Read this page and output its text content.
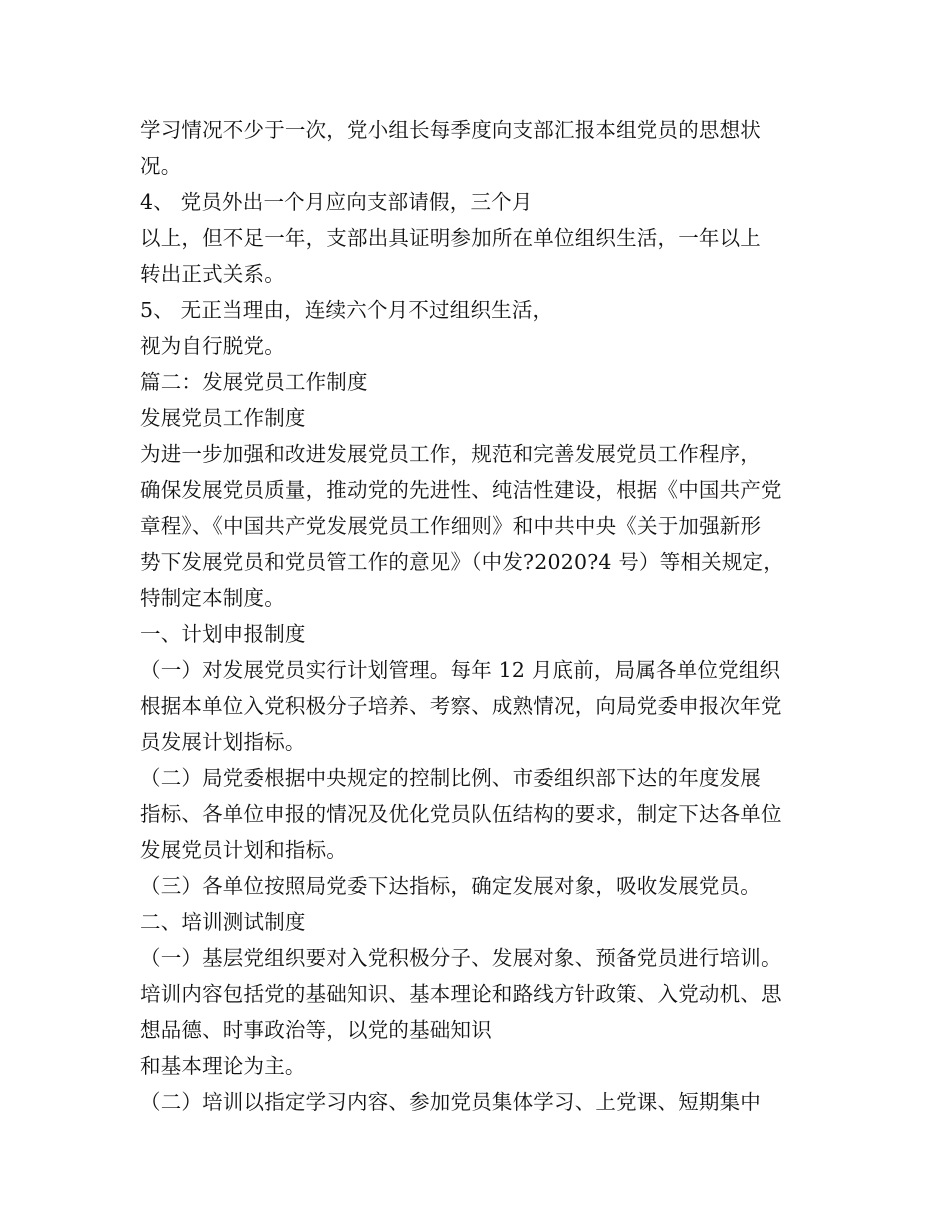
学习情况不少于一次，党小组长每季度向支部汇报本组党员的思想状
况。
4、 党员外出一个月应向支部请假，三个月
以上，但不足一年，支部出具证明参加所在单位组织生活，一年以上
转出正式关系。
5、 无正当理由，连续六个月不过组织生活，
视为自行脱党。
篇二：发展党员工作制度
发展党员工作制度
为进一步加强和改进发展党员工作，规范和完善发展党员工作程序，
确保发展党员质量，推动党的先进性、纯洁性建设，根据《中国共产党
章程》、《中国共产党发展党员工作细则》和中共中央《关于加强新形
势下发展党员和党员管工作的意见》（中发?2020?4 号）等相关规定，
特制定本制度。
一、计划申报制度
（一）对发展党员实行计划管理。每年 12 月底前，局属各单位党组织
根据本单位入党积极分子培养、考察、成熟情况，向局党委申报次年党
员发展计划指标。
（二）局党委根据中央规定的控制比例、市委组织部下达的年度发展
指标、各单位申报的情况及优化党员队伍结构的要求，制定下达各单位
发展党员计划和指标。
（三）各单位按照局党委下达指标，确定发展对象，吸收发展党员。
二、培训测试制度
（一）基层党组织要对入党积极分子、发展对象、预备党员进行培训。
培训内容包括党的基础知识、基本理论和路线方针政策、入党动机、思
想品德、时事政治等，以党的基础知识
和基本理论为主。
（二）培训以指定学习内容、参加党员集体学习、上党课、短期集中
